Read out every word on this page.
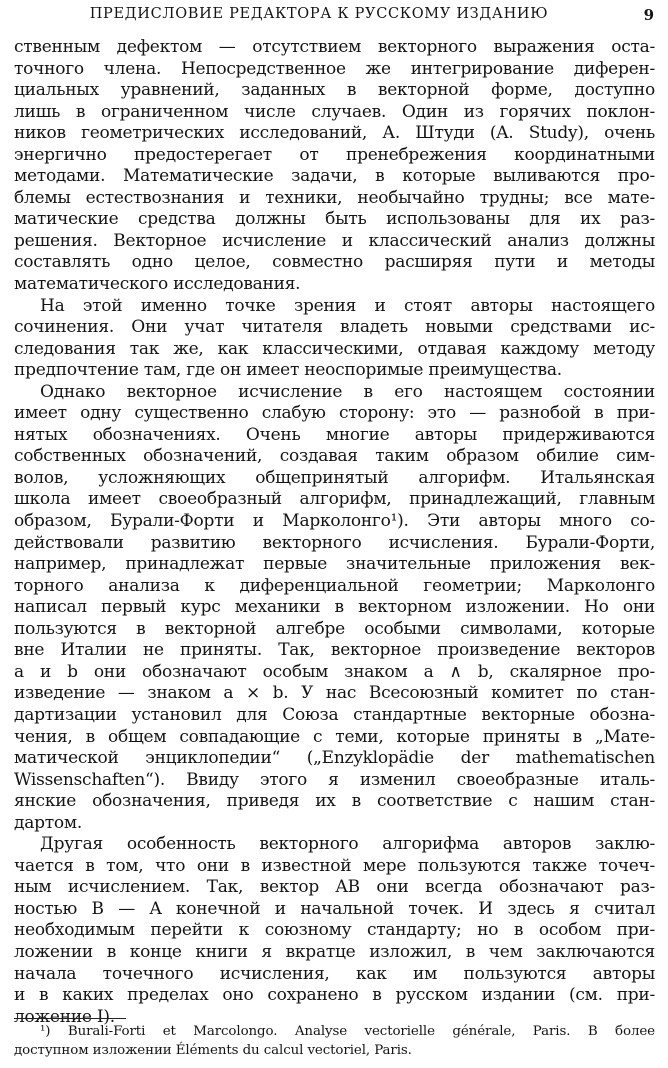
ПРЕДИСЛОВИЕ РЕДАКТОРА К РУССКОМУ ИЗДАНИЮ	9
ственным дефектом — отсутствием векторного выражения оста-
точного члена. Непосредственное же интегрирование диферен-
циальных уравнений, заданных в векторной форме, доступно
лишь в ограниченном числе случаев. Один из горячих поклон-
ников геометрических исследований, А. Штуди (A. Study), очень
энергично предостерегает от пренебрежения координатными
методами. Математические задачи, в которые выливаются про-
блемы естествознания и техники, необычайно трудны; все мате-
матические средства должны быть использованы для их раз-
решения. Векторное исчисление и классический анализ должны
составлять одно целое, совместно расширяя пути и методы
математического исследования.
На этой именно точке зрения и стоят авторы настоящего
сочинения. Они учат читателя владеть новыми средствами ис-
следования так же, как классическими, отдавая каждому методу
предпочтение там, где он имеет неоспоримые преимущества.
Однако векторное исчисление в его настоящем состоянии
имеет одну существенно слабую сторону: это — разнобой в при-
нятых обозначениях. Очень многие авторы придерживаются
собственных обозначений, создавая таким образом обилие сим-
волов, усложняющих общепринятый алгорифм. Итальянская
школа имеет своеобразный алгорифм, принадлежащий, главным
образом, Бурали-Форти и Марколонго¹). Эти авторы много со-
действовали развитию векторного исчисления. Бурали-Форти,
например, принадлежат первые значительные приложения век-
торного анализа к диференциальной геометрии; Марколонго
написал первый курс механики в векторном изложении. Но они
пользуются в векторной алгебре особыми символами, которые
вне Италии не приняты. Так, векторное произведение векторов
a и b они обозначают особым знаком a ∧ b, скалярное про-
изведение — знаком a × b. У нас Всесоюзный комитет по стан-
дартизации установил для Союза стандартные векторные обозна-
чения, в общем совпадающие с теми, которые приняты в „Мате-
матической энциклопедии“ („Enzyklopädie der mathematischen
Wissenschaften“). Ввиду этого я изменил своеобразные италь-
янские обозначения, приведя их в соответствие с нашим стан-
дартом.
Другая особенность векторного алгорифма авторов заклю-
чается в том, что они в известной мере пользуются также точеч-
ным исчислением. Так, вектор AB они всегда обозначают раз-
ностью B — A конечной и начальной точек. И здесь я считал
необходимым перейти к союзному стандарту; но в особом при-
ложении в конце книги я вкратце изложил, в чем заключаются
начала точечного исчисления, как им пользуются авторы
и в каких пределах оно сохранено в русском издании (см. при-
ложение I).
¹) Burali-Forti et Marcolongo. Analyse vectorielle générale, Paris. В более
доступном изложении Éléments du calcul vectoriel, Paris.
